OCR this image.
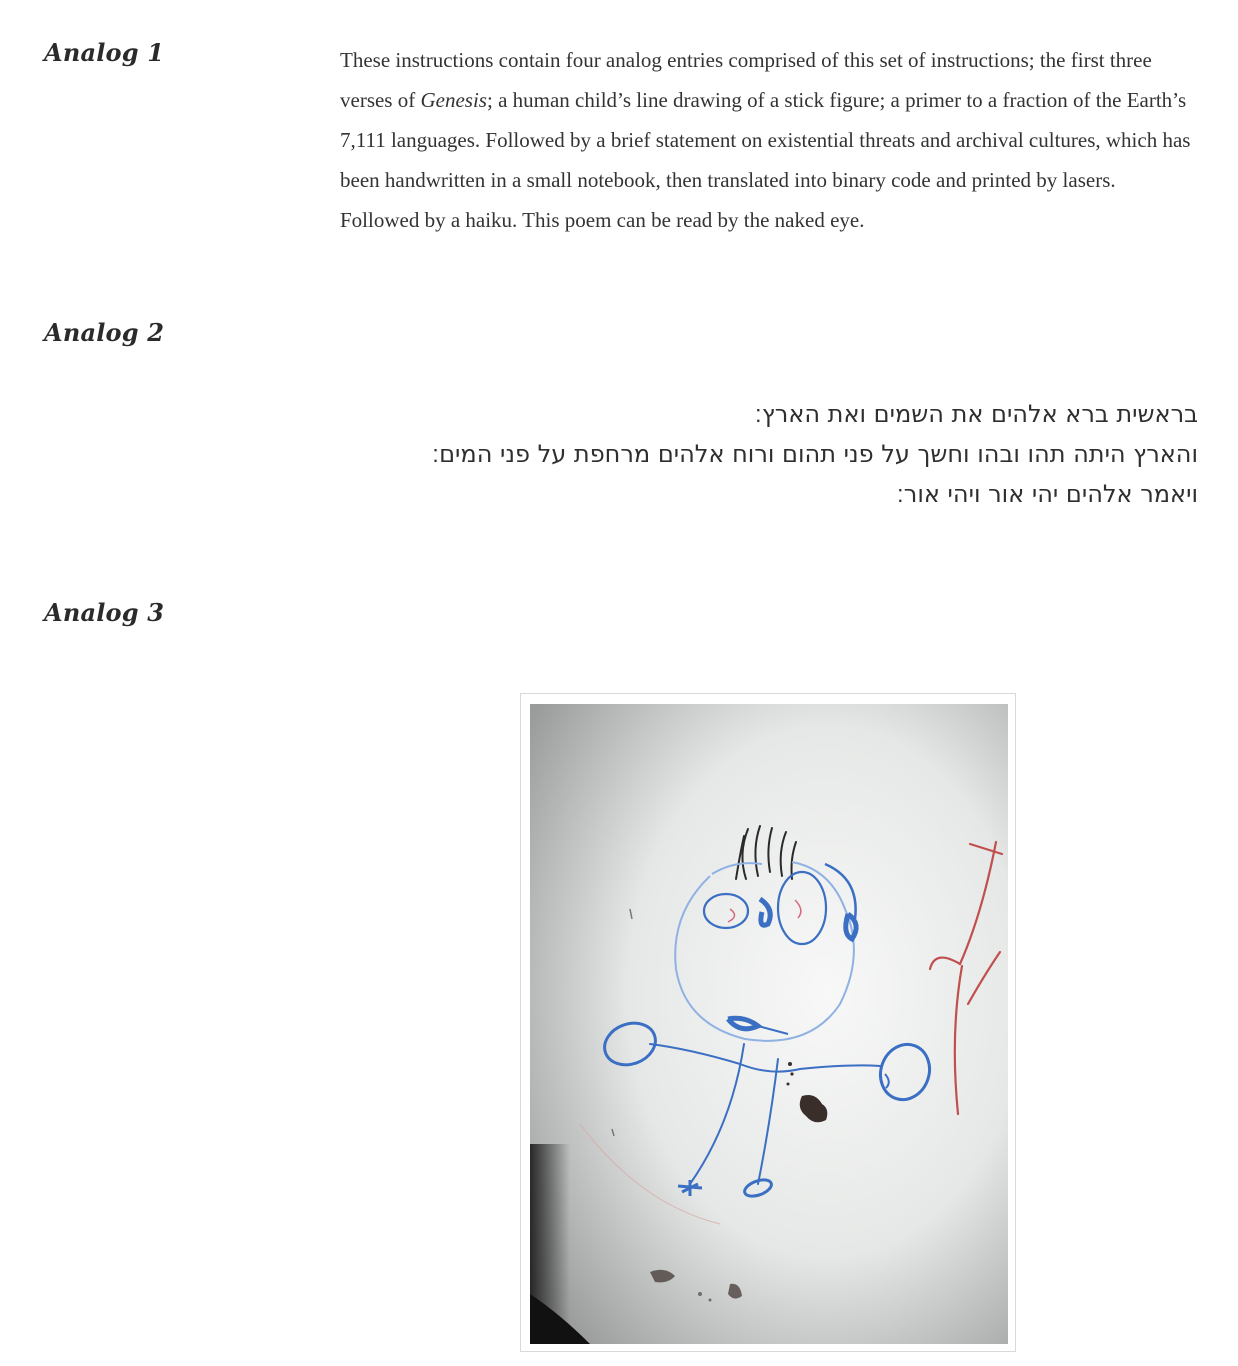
Analog 1	These instructions contain four analog entries comprised of this set of instructions; the first three verses of Genesis; a human child’s line drawing of a stick figure; a primer to a fraction of the Earth’s 7,111 languages. Followed by a brief statement on existential threats and archival cultures, which has been handwritten in a small notebook, then translated into binary code and printed by lasers. Followed by a haiku. This poem can be read by the naked eye.

Analog 2
בראשית ברא אלהים את השמים ואת הארץ׃
והארץ היתה תהו ובהו וחשך על פני תהום ורוח אלהים מרחפת על פני המים׃
ויאמר אלהים יהי אור ויהי אור׃
Analog 3
